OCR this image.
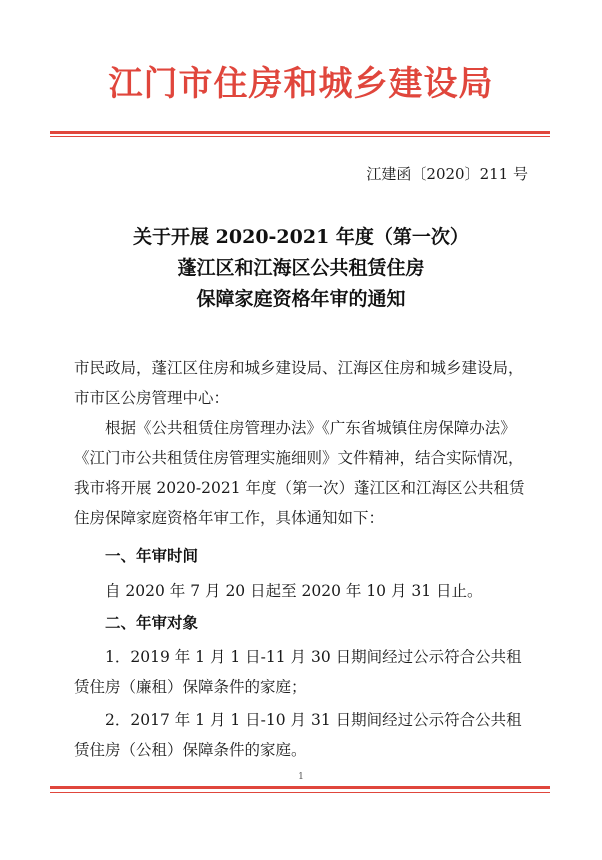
江门市住房和城乡建设局
江建函〔2020〕211 号
关于开展 2020-2021 年度（第一次）
蓬江区和江海区公共租赁住房
保障家庭资格年审的通知
市民政局，蓬江区住房和城乡建设局、江海区住房和城乡建设局，市市区公房管理中心：
根据《公共租赁住房管理办法》《广东省城镇住房保障办法》《江门市公共租赁住房管理实施细则》文件精神，结合实际情况，我市将开展 2020-2021 年度（第一次）蓬江区和江海区公共租赁住房保障家庭资格年审工作，具体通知如下：
一、年审时间
自 2020 年 7 月 20 日起至 2020 年 10 月 31 日止。
二、年审对象
1．2019 年 1 月 1 日-11 月 30 日期间经过公示符合公共租赁住房（廉租）保障条件的家庭；
2．2017 年 1 月 1 日-10 月 31 日期间经过公示符合公共租赁住房（公租）保障条件的家庭。
1
